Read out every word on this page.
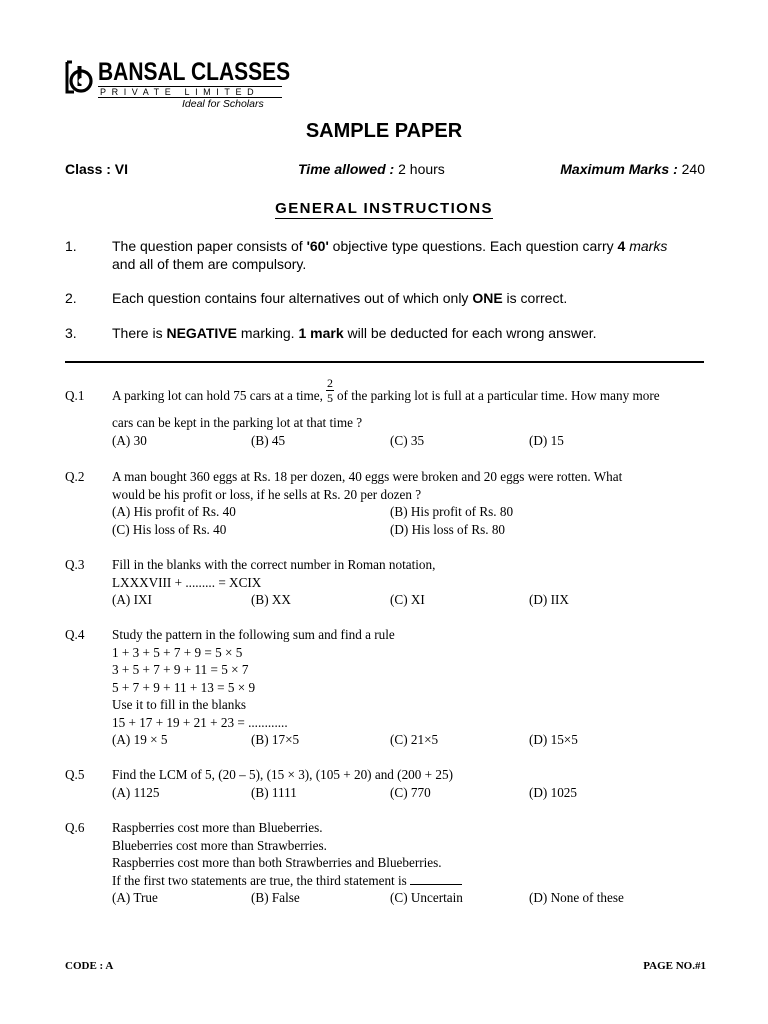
BANSAL CLASSES
PRIVATE LIMITED
Ideal for Scholars
SAMPLE PAPER
Class : VI	Time allowed : 2 hours	Maximum Marks : 240
GENERAL INSTRUCTIONS
1.	The question paper consists of '60' objective type questions. Each question carry 4 marks
and all of them are compulsory.
2.	Each question contains four alternatives out of which only ONE is correct.
3.	There is NEGATIVE marking. 1 mark will be deducted for each wrong answer.
Q.1 A parking lot can hold 75 cars at a time, $\frac{2}{5}$ of the parking lot is full at a particular time. How many more
cars can be kept in the parking lot at that time ?
(A) 30	(B) 45	(C) 35	(D) 15
Q.2 A man bought 360 eggs at Rs. 18 per dozen, 40 eggs were broken and 20 eggs were rotten. What
would be his profit or loss, if he sells at Rs. 20 per dozen ?
(A) His profit of Rs. 40	(B) His profit of Rs. 80
(C) His loss of Rs. 40	(D) His loss of Rs. 80
Q.3 Fill in the blanks with the correct number in Roman notation,
LXXXVIII + ......... = XCIX
(A) IXI	(B) XX	(C) XI	(D) IIX
Q.4 Study the pattern in the following sum and find a rule
1 + 3 + 5 + 7 + 9 = 5 × 5
3 + 5 + 7 + 9 + 11 = 5 × 7
5 + 7 + 9 + 11 + 13 = 5 × 9
Use it to fill in the blanks
15 + 17 + 19 + 21 + 23 = ............
(A) 19 × 5	(B) 17×5	(C) 21×5	(D) 15×5
Q.5 Find the LCM of 5, (20 – 5), (15 × 3), (105 + 20) and (200 + 25)
(A) 1125	(B) 1111	(C) 770	(D) 1025
Q.6 Raspberries cost more than Blueberries.
Blueberries cost more than Strawberries.
Raspberries cost more than both Strawberries and Blueberries.
If the first two statements are true, the third statement is
(A) True	(B) False	(C) Uncertain	(D) None of these
CODE : A	PAGE NO.#1
